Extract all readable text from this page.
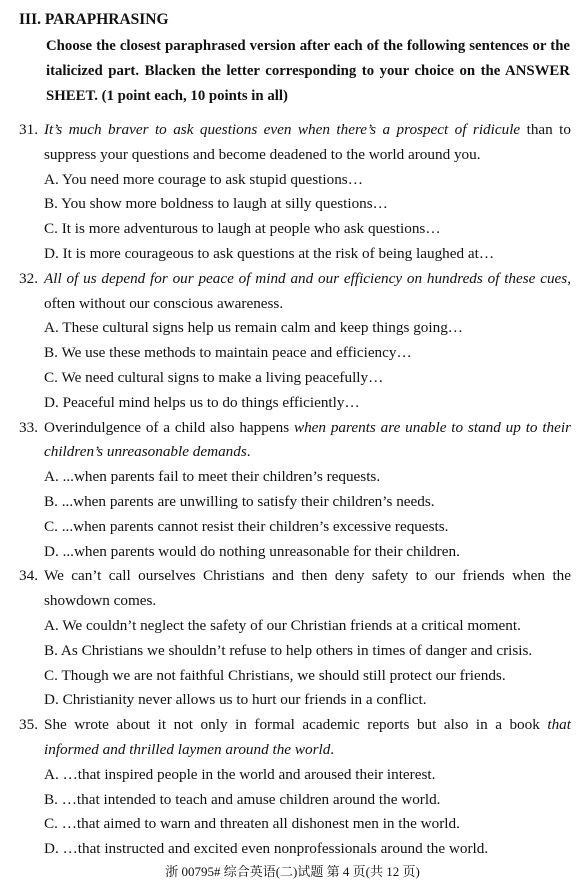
III. PARAPHRASING
Choose the closest paraphrased version after each of the following sentences or the italicized part. Blacken the letter corresponding to your choice on the ANSWER SHEET. (1 point each, 10 points in all)
31. It’s much braver to ask questions even when there’s a prospect of ridicule than to suppress your questions and become deadened to the world around you.
A. You need more courage to ask stupid questions…
B. You show more boldness to laugh at silly questions…
C. It is more adventurous to laugh at people who ask questions…
D. It is more courageous to ask questions at the risk of being laughed at…
32. All of us depend for our peace of mind and our efficiency on hundreds of these cues, often without our conscious awareness.
A. These cultural signs help us remain calm and keep things going…
B. We use these methods to maintain peace and efficiency…
C. We need cultural signs to make a living peacefully…
D. Peaceful mind helps us to do things efficiently…
33. Overindulgence of a child also happens when parents are unable to stand up to their children’s unreasonable demands.
A. ...when parents fail to meet their children’s requests.
B. ...when parents are unwilling to satisfy their children’s needs.
C. ...when parents cannot resist their children’s excessive requests.
D. ...when parents would do nothing unreasonable for their children.
34. We can’t call ourselves Christians and then deny safety to our friends when the showdown comes.
A. We couldn’t neglect the safety of our Christian friends at a critical moment.
B. As Christians we shouldn’t refuse to help others in times of danger and crisis.
C. Though we are not faithful Christians, we should still protect our friends.
D. Christianity never allows us to hurt our friends in a conflict.
35. She wrote about it not only in formal academic reports but also in a book that informed and thrilled laymen around the world.
A. …that inspired people in the world and aroused their interest.
B. …that intended to teach and amuse children around the world.
C. …that aimed to warn and threaten all dishonest men in the world.
D. …that instructed and excited even nonprofessionals around the world.
浙 00795# 综合英语(二)试题 第 4 页(共 12 页)
